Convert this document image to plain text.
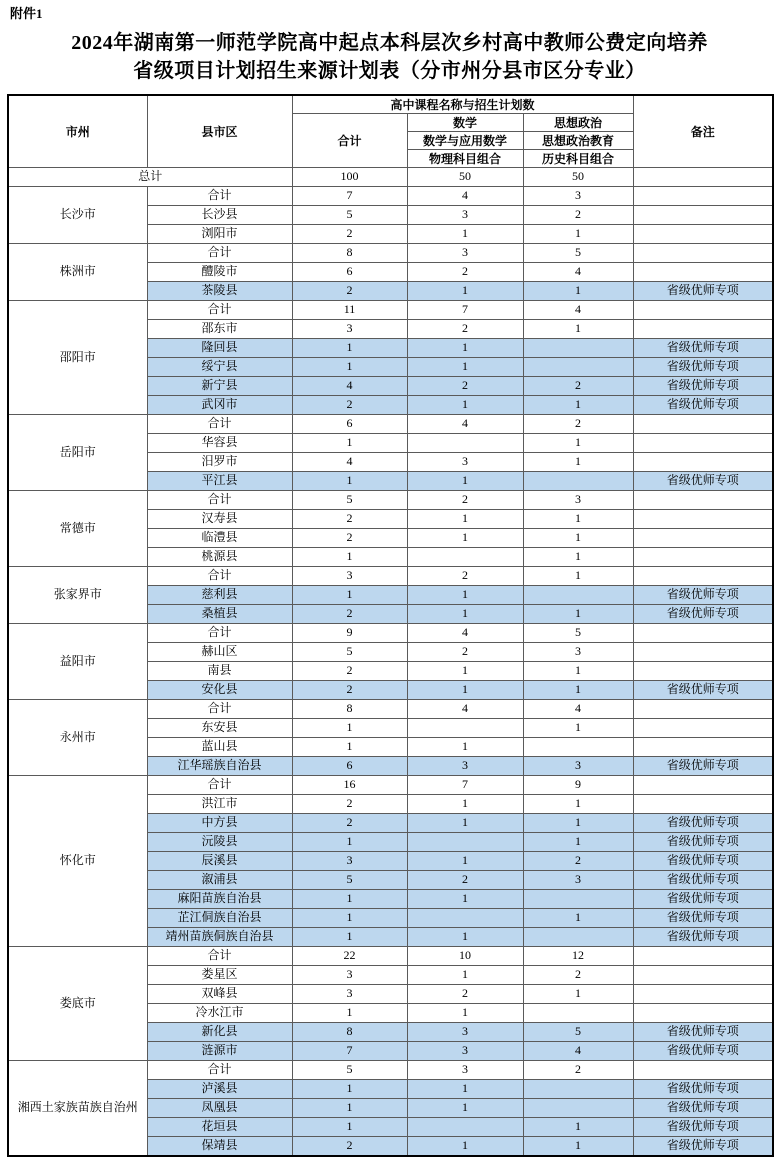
附件1
2024年湖南第一师范学院高中起点本科层次乡村高中教师公费定向培养
省级项目计划招生来源计划表（分市州分县市区分专业）
市州	县市区	高中课程名称与招生计划数			备注
		合计	数学	思想政治	
			数学与应用数学	思想政治教育	
			物理科目组合	历史科目组合	
总计		100	50	50	
长沙市	合计	7	4	3	
	长沙县	5	3	2	
	浏阳市	2	1	1	
株洲市	合计	8	3	5	
	醴陵市	6	2	4	
	茶陵县	2	1	1	省级优师专项
邵阳市	合计	11	7	4	
	邵东市	3	2	1	
	隆回县	1	1		省级优师专项
	绥宁县	1	1		省级优师专项
	新宁县	4	2	2	省级优师专项
	武冈市	2	1	1	省级优师专项
岳阳市	合计	6	4	2	
	华容县	1		1	
	汨罗市	4	3	1	
	平江县	1	1		省级优师专项
常德市	合计	5	2	3	
	汉寿县	2	1	1	
	临澧县	2	1	1	
	桃源县	1		1	
张家界市	合计	3	2	1	
	慈利县	1	1		省级优师专项
	桑植县	2	1	1	省级优师专项
益阳市	合计	9	4	5	
	赫山区	5	2	3	
	南县	2	1	1	
	安化县	2	1	1	省级优师专项
永州市	合计	8	4	4	
	东安县	1		1	
	蓝山县	1	1		
	江华瑶族自治县	6	3	3	省级优师专项
怀化市	合计	16	7	9	
	洪江市	2	1	1	
	中方县	2	1	1	省级优师专项
	沅陵县	1		1	省级优师专项
	辰溪县	3	1	2	省级优师专项
	溆浦县	5	2	3	省级优师专项
	麻阳苗族自治县	1	1		省级优师专项
	芷江侗族自治县	1		1	省级优师专项
	靖州苗族侗族自治县	1	1		省级优师专项
娄底市	合计	22	10	12	
	娄星区	3	1	2	
	双峰县	3	2	1	
	冷水江市	1	1		
	新化县	8	3	5	省级优师专项
	涟源市	7	3	4	省级优师专项
湘西土家族苗族自治州	合计	5	3	2	
	泸溪县	1	1		省级优师专项
	凤凰县	1	1		省级优师专项
	花垣县	1		1	省级优师专项
	保靖县	2	1	1	省级优师专项
